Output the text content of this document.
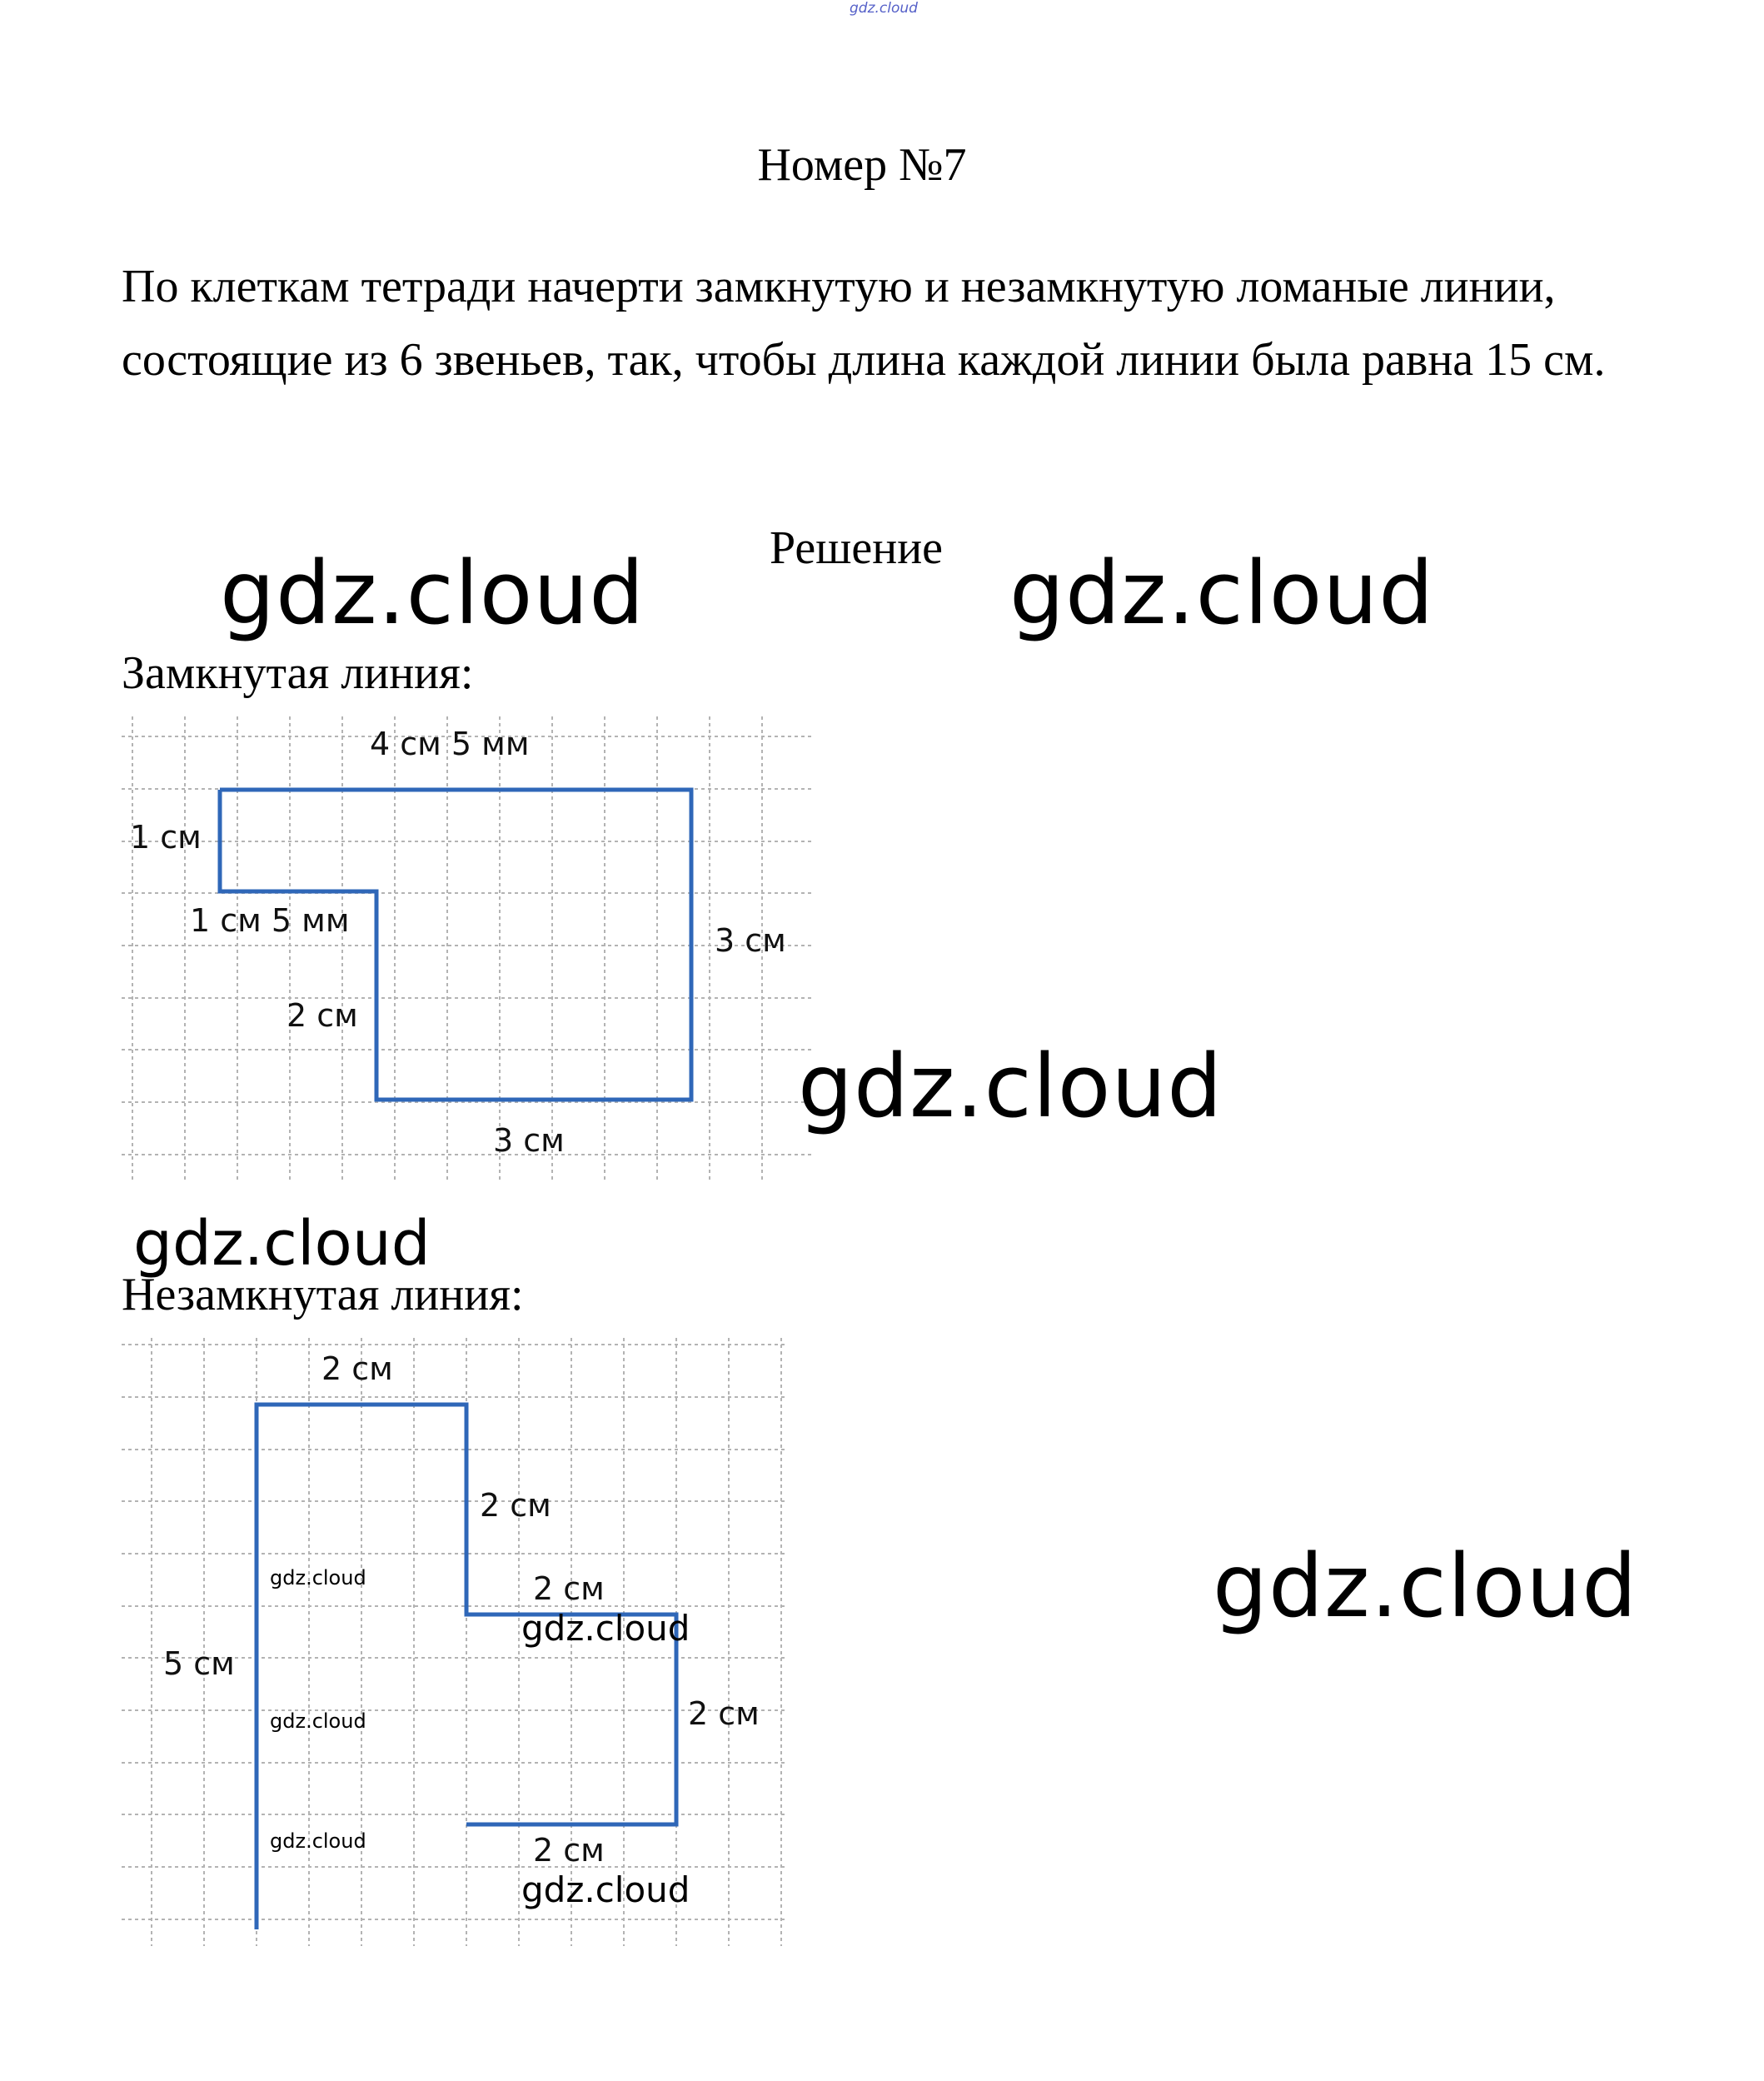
gdz.cloud
Номер №7
По клеткам тетради начерти замкнутую и незамкнутую ломаные линии, состоящие из 6 звеньев, так, чтобы длина каждой линии была равна 15 см.
Решение
gdz.cloud	gdz.cloud
Замкнутая линия:
4 см 5 мм
1 см
1 см 5 мм
3 см
2 см
3 см
gdz.cloud
gdz.cloud
Незамкнутая линия:
2 см
2 см
2 см
5 см
2 см
2 см
gdz.cloud
gdz.cloud
gdz.cloud
gdz.cloud
gdz.cloud
gdz.cloud
